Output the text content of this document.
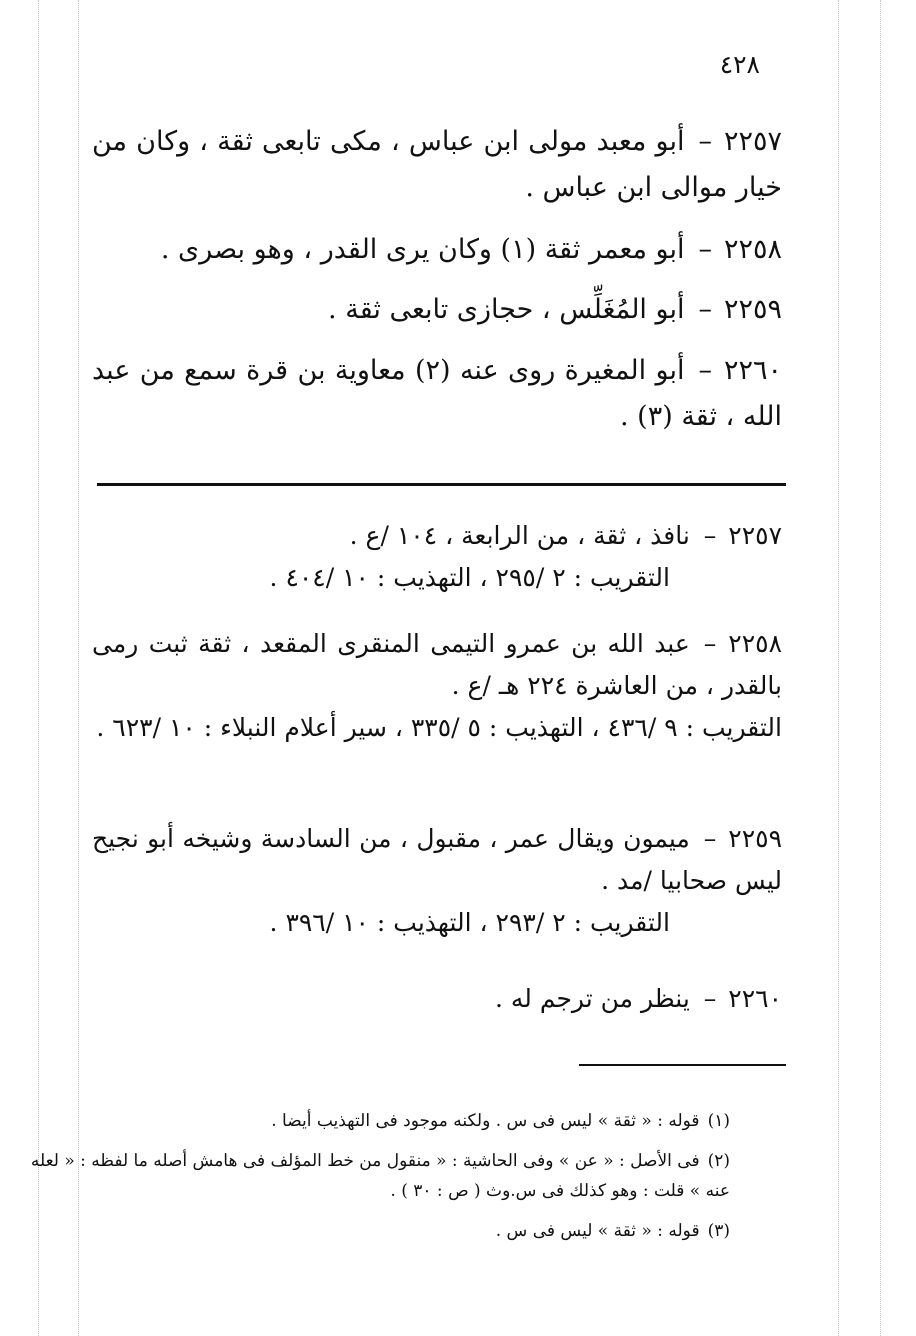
٤٢٨
٢٢٥٧–أبو معبد مولى ابن عباس ، مكى تابعى ثقة ، وكان من خيار موالى ابن عباس .
٢٢٥٨–أبو معمر ثقة (١) وكان يرى القدر ، وهو بصرى .
٢٢٥٩–أبو المُغَلِّس ، حجازى تابعى ثقة .
٢٢٦٠–أبو المغيرة روى عنه (٢) معاوية بن قرة سمع من عبد الله ، ثقة (٣) .
٢٢٥٧–نافذ ، ثقة ، من الرابعة ، ١٠٤ /ع .
التقريب : ٢ /٢٩٥ ، التهذيب : ١٠ /٤٠٤ .
٢٢٥٨–عبد الله بن عمرو التيمى المنقرى المقعد ، ثقة ثبت رمى بالقدر ، من العاشرة ٢٢٤ هـ /ع .
التقريب : ٩ /٤٣٦ ، التهذيب : ٥ /٣٣٥ ، سير أعلام النبلاء : ١٠ /٦٢٣ .
٢٢٥٩–ميمون ويقال عمر ، مقبول ، من السادسة وشيخه أبو نجيح ليس صحابيا /مد .
التقريب : ٢ /٢٩٣ ، التهذيب : ١٠ /٣٩٦ .
٢٢٦٠–ينظر من ترجم له .
(١)قوله : « ثقة » ليس فى س . ولكنه موجود فى التهذيب أيضا .
(٢)فى الأصل : « عن » وفى الحاشية : « منقول من خط المؤلف فى هامش أصله ما لفظه : « لعله عنه » قلت : وهو كذلك فى س.وث ( ص : ٣٠ ) .
(٣)قوله : « ثقة » ليس فى س .
